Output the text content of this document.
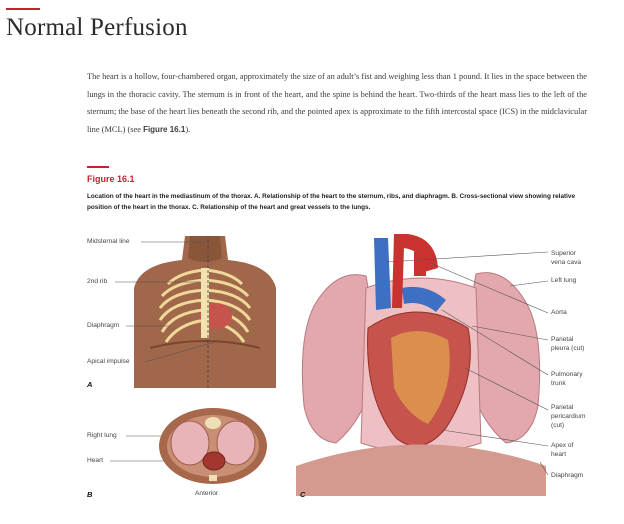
Normal Perfusion
The heart is a hollow, four-chambered organ, approximately the size of an adult’s fist and weighing less than 1 pound. It lies in the space between the lungs in the thoracic cavity. The sternum is in front of the heart, and the spine is behind the heart. Two-thirds of the heart mass lies to the left of the sternum; the base of the heart lies beneath the second rib, and the pointed apex is approximate to the fifth intercostal space (ICS) in the midclavicular line (MCL) (see Figure 16.1).
Figure 16.1
Location of the heart in the mediastinum of the thorax. A. Relationship of the heart to the sternum, ribs, and diaphragm. B. Cross-sectional view showing relative position of the heart in the thorax. C. Relationship of the heart and great vessels to the lungs.
Midsternal line
2nd rib
Diaphragm
Apical impulse
A
Right lung
Heart
Anterior
B
Superior
vena cava
Left lung
Aorta
Parietal
pleura (cut)
Pulmonary
trunk
Parietal
pericardium
(cut)
Apex of
heart
Diaphragm
C
